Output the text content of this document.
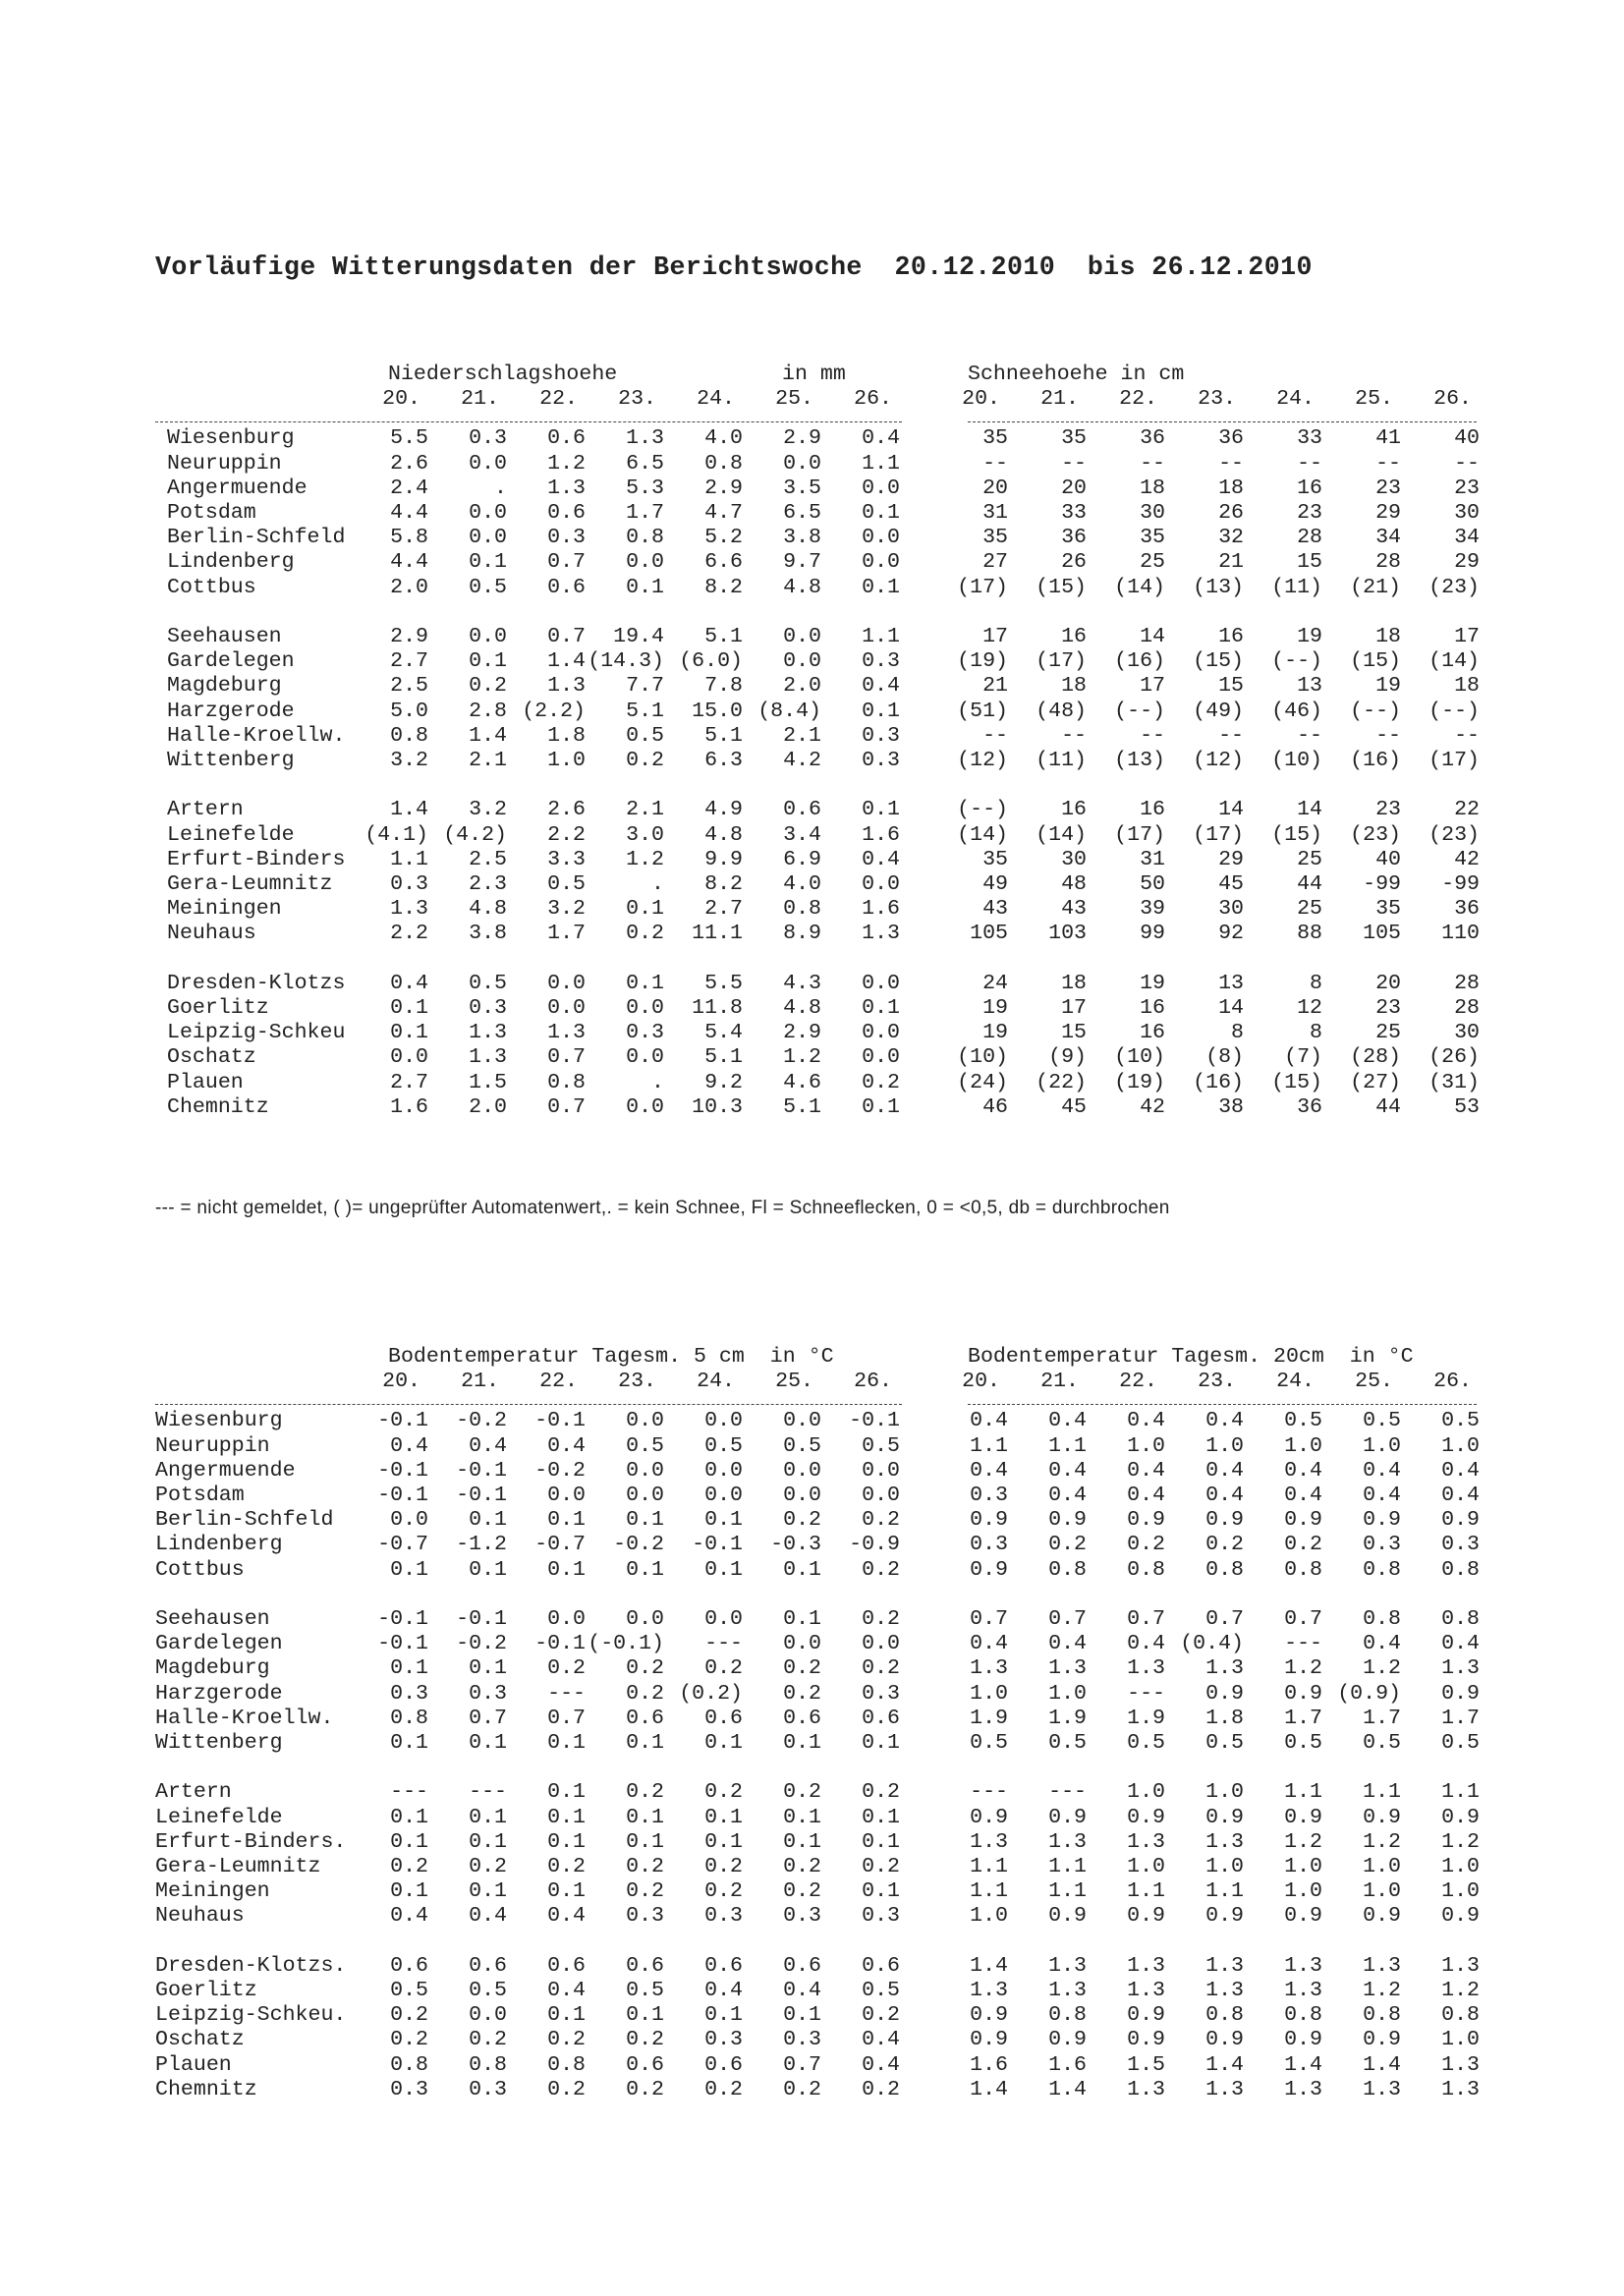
Vorläufige Witterungsdaten der Berichtswoche  20.12.2010  bis 26.12.2010
Niederschlagshoehe	in mm	Schneehoehe in cm
20.	20.
21.	21.
22.	22.
23.	23.
24.	24.
25.	25.
26.	26.
Wiesenburg	5.5	0.3	0.6	1.3	4.0	2.9	0.4	35	35	36	36	33	41	40
Neuruppin	2.6	0.0	1.2	6.5	0.8	0.0	1.1	--	--	--	--	--	--	--
Angermuende	2.4	.	1.3	5.3	2.9	3.5	0.0	20	20	18	18	16	23	23
Potsdam	4.4	0.0	0.6	1.7	4.7	6.5	0.1	31	33	30	26	23	29	30
Berlin-Schfeld	5.8	0.0	0.3	0.8	5.2	3.8	0.0	35	36	35	32	28	34	34
Lindenberg	4.4	0.1	0.7	0.0	6.6	9.7	0.0	27	26	25	21	15	28	29
Cottbus	2.0	0.5	0.6	0.1	8.2	4.8	0.1	(17)	(15)	(14)	(13)	(11)	(21)	(23)
Seehausen	2.9	0.0	0.7	19.4	5.1	0.0	1.1	17	16	14	16	19	18	17
Gardelegen	2.7	0.1	1.4 (14.3) (6.0)	0.0	0.3	(19)	(17)	(16)	(15)	(--)	(15)	(14)
Magdeburg	2.5	0.2	1.3	7.7	7.8	2.0	0.4	21	18	17	15	13	19	18
Harzgerode	5.0	2.8 (2.2)	5.1	15.0 (8.4)	0.1	(51)	(48)	(--)	(49)	(46)	(--)	(--)
Halle-Kroellw.	0.8	1.4	1.8	0.5	5.1	2.1	0.3	--	--	--	--	--	--	--
Wittenberg	3.2	2.1	1.0	0.2	6.3	4.2	0.3	(12)	(11)	(13)	(12)	(10)	(16)	(17)
Artern	1.4	3.2	2.6	2.1	4.9	0.6	0.1	(--)	16	16	14	14	23	22
Leinefelde	(4.1) (4.2)	2.2	3.0	4.8	3.4	1.6	(14)	(14)	(17)	(17)	(15)	(23)	(23)
Erfurt-Binders	1.1	2.5	3.3	1.2	9.9	6.9	0.4	35	30	31	29	25	40	42
Gera-Leumnitz	0.3	2.3	0.5	.	8.2	4.0	0.0	49	48	50	45	44	-99	-99
Meiningen	1.3	4.8	3.2	0.1	2.7	0.8	1.6	43	43	39	30	25	35	36
Neuhaus	2.2	3.8	1.7	0.2	11.1	8.9	1.3	105	103	99	92	88	105	110
Dresden-Klotzs	0.4	0.5	0.0	0.1	5.5	4.3	0.0	24	18	19	13	8	20	28
Goerlitz	0.1	0.3	0.0	0.0	11.8	4.8	0.1	19	17	16	14	12	23	28
Leipzig-Schkeu	0.1	1.3	1.3	0.3	5.4	2.9	0.0	19	15	16	8	8	25	30
Oschatz	0.0	1.3	0.7	0.0	5.1	1.2	0.0	(10)	(9)	(10)	(8)	(7)	(28)	(26)
Plauen	2.7	1.5	0.8	.	9.2	4.6	0.2	(24)	(22)	(19)	(16)	(15)	(27)	(31)
Chemnitz	1.6	2.0	0.7	0.0	10.3	5.1	0.1	46	45	42	38	36	44	53
--- = nicht gemeldet, ( )= ungeprüfter Automatenwert,. = kein Schnee, Fl = Schneeflecken, 0 = <0,5, db = durchbrochen
Bodentemperatur Tagesm. 5 cm  in °C	Bodentemperatur Tagesm. 20cm  in °C
20.	20.
21.	21.
22.	22.
23.	23.
24.	24.
25.	25.
26.	26.
Wiesenburg	-0.1	-0.2	-0.1	0.0	0.0	0.0	-0.1	0.4	0.4	0.4	0.4	0.5	0.5	0.5
Neuruppin	0.4	0.4	0.4	0.5	0.5	0.5	0.5	1.1	1.1	1.0	1.0	1.0	1.0	1.0
Angermuende	-0.1	-0.1	-0.2	0.0	0.0	0.0	0.0	0.4	0.4	0.4	0.4	0.4	0.4	0.4
Potsdam	-0.1	-0.1	0.0	0.0	0.0	0.0	0.0	0.3	0.4	0.4	0.4	0.4	0.4	0.4
Berlin-Schfeld	0.0	0.1	0.1	0.1	0.1	0.2	0.2	0.9	0.9	0.9	0.9	0.9	0.9	0.9
Lindenberg	-0.7	-1.2	-0.7	-0.2	-0.1	-0.3	-0.9	0.3	0.2	0.2	0.2	0.2	0.3	0.3
Cottbus	0.1	0.1	0.1	0.1	0.1	0.1	0.2	0.9	0.8	0.8	0.8	0.8	0.8	0.8
Seehausen	-0.1	-0.1	0.0	0.0	0.0	0.1	0.2	0.7	0.7	0.7	0.7	0.7	0.8	0.8
Gardelegen	-0.1	-0.2	-0.1 (-0.1)	---	0.0	0.0	0.4	0.4	0.4 (0.4)	---	0.4	0.4
Magdeburg	0.1	0.1	0.2	0.2	0.2	0.2	0.2	1.3	1.3	1.3	1.3	1.2	1.2	1.3
Harzgerode	0.3	0.3	---	0.2 (0.2)	0.2	0.3	1.0	1.0	---	0.9	0.9 (0.9)	0.9
Halle-Kroellw.	0.8	0.7	0.7	0.6	0.6	0.6	0.6	1.9	1.9	1.9	1.8	1.7	1.7	1.7
Wittenberg	0.1	0.1	0.1	0.1	0.1	0.1	0.1	0.5	0.5	0.5	0.5	0.5	0.5	0.5
Artern	---	---	0.1	0.2	0.2	0.2	0.2	---	---	1.0	1.0	1.1	1.1	1.1
Leinefelde	0.1	0.1	0.1	0.1	0.1	0.1	0.1	0.9	0.9	0.9	0.9	0.9	0.9	0.9
Erfurt-Binders.	0.1	0.1	0.1	0.1	0.1	0.1	0.1	1.3	1.3	1.3	1.3	1.2	1.2	1.2
Gera-Leumnitz	0.2	0.2	0.2	0.2	0.2	0.2	0.2	1.1	1.1	1.0	1.0	1.0	1.0	1.0
Meiningen	0.1	0.1	0.1	0.2	0.2	0.2	0.1	1.1	1.1	1.1	1.1	1.0	1.0	1.0
Neuhaus	0.4	0.4	0.4	0.3	0.3	0.3	0.3	1.0	0.9	0.9	0.9	0.9	0.9	0.9
Dresden-Klotzs.	0.6	0.6	0.6	0.6	0.6	0.6	0.6	1.4	1.3	1.3	1.3	1.3	1.3	1.3
Goerlitz	0.5	0.5	0.4	0.5	0.4	0.4	0.5	1.3	1.3	1.3	1.3	1.3	1.2	1.2
Leipzig-Schkeu.	0.2	0.0	0.1	0.1	0.1	0.1	0.2	0.9	0.8	0.9	0.8	0.8	0.8	0.8
Oschatz	0.2	0.2	0.2	0.2	0.3	0.3	0.4	0.9	0.9	0.9	0.9	0.9	0.9	1.0
Plauen	0.8	0.8	0.8	0.6	0.6	0.7	0.4	1.6	1.6	1.5	1.4	1.4	1.4	1.3
Chemnitz	0.3	0.3	0.2	0.2	0.2	0.2	0.2	1.4	1.4	1.3	1.3	1.3	1.3	1.3
